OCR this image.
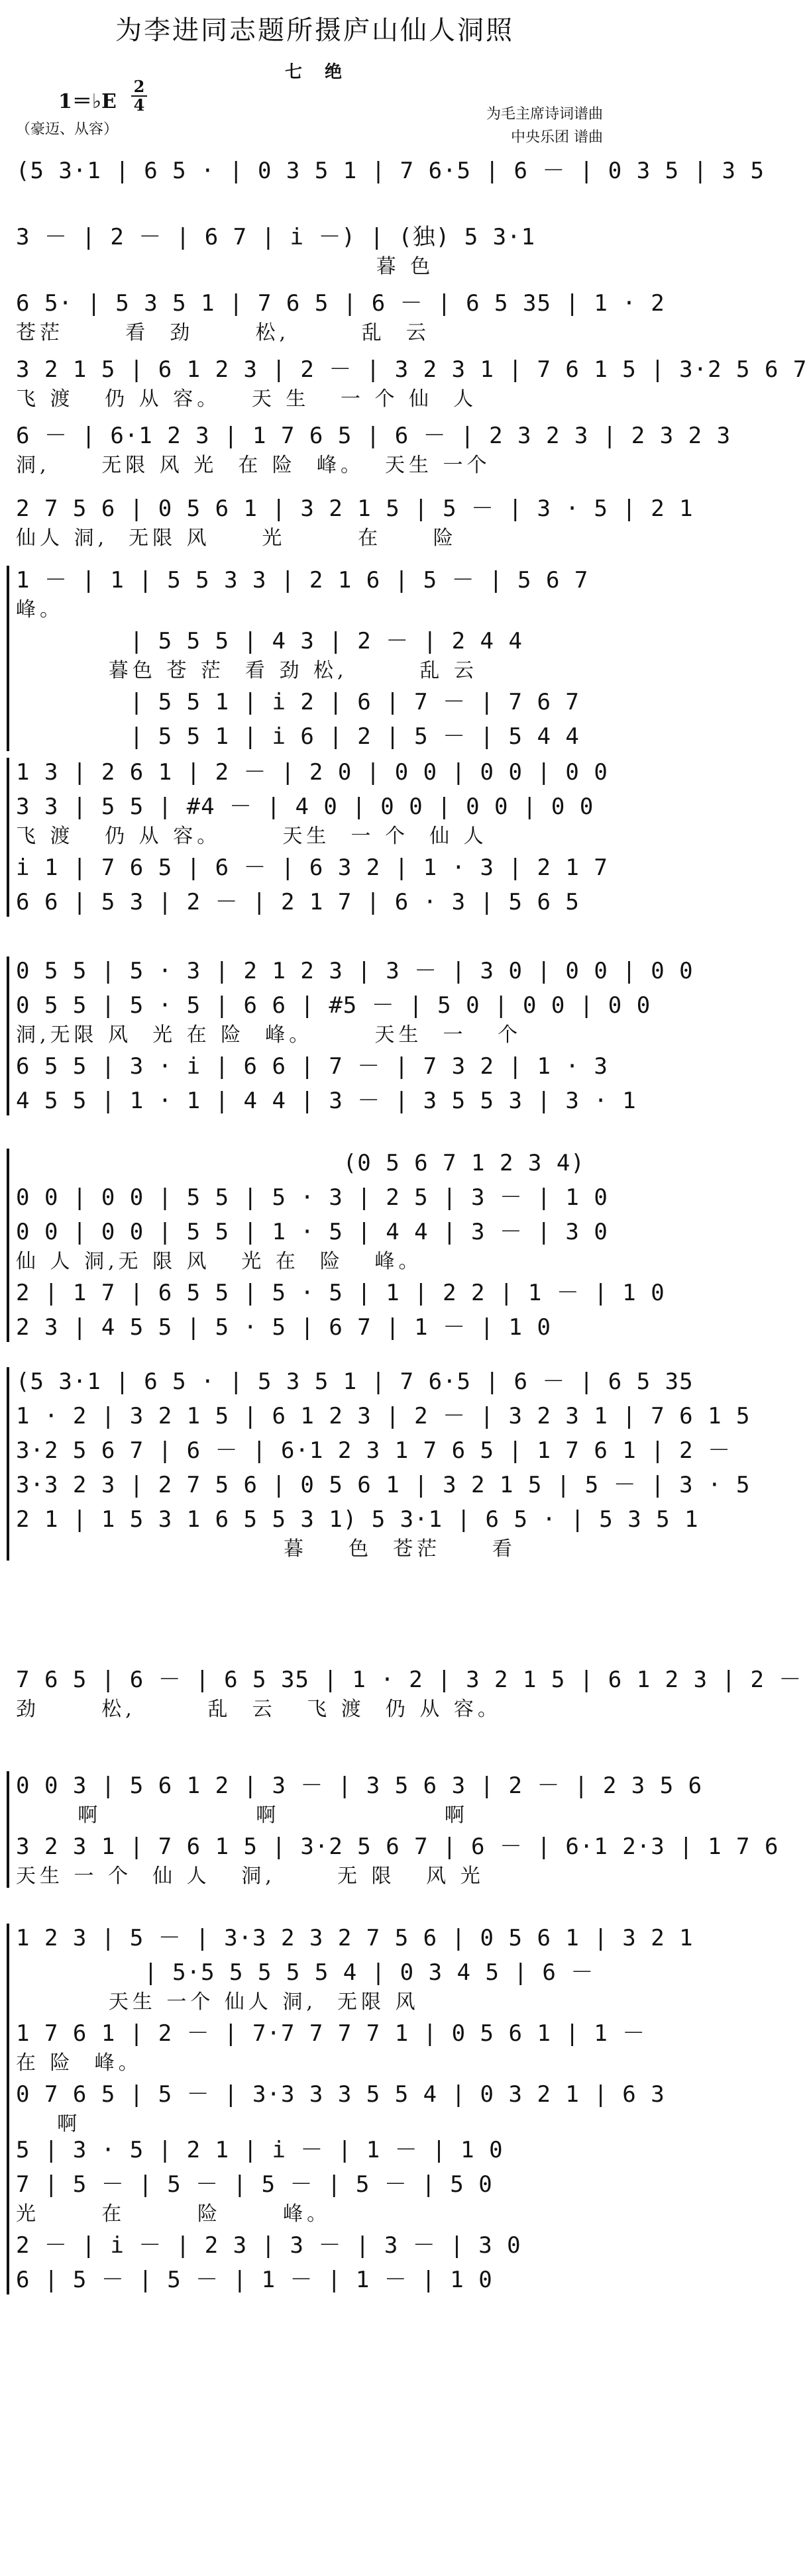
为李进同志题所摄庐山仙人洞照
七　绝
1＝♭E
2
4
（豪迈、从容）
为毛主席诗词谱曲
中央乐团 谱曲
(5 3·1 | 6 5 · | 0 3 5 1 | 7 6·5 | 6 － | 0 3 5 | 3 5
3 － | 2 － | 6 7 | i －) | (独) 5 3·1
暮 色
6 5· | 5 3 5 1 | 7 6 5 | 6 － | 6 5 35 | 1 · 2
苍茫      看  劲      松,       乱  云
3 2 1 5 | 6 1 2 3 | 2 － | 3 2 3 1 | 7 6 1 5 | 3·2 5 6 7
飞 渡   仍 从 容。   天 生   一 个 仙  人
6 － | 6·1 2 3 | 1 7 6 5 | 6 － | 2 3 2 3 | 2 3 2 3
洞,     无限 风 光  在 险  峰。  天生 一个
2 7 5 6 | 0 5 6 1 | 3 2 1 5 | 5 － | 3 · 5 | 2 1
仙人 洞,  无限 风     光       在     险
1 － | 1 | 5 5 3 3 | 2 1 6 | 5 － | 5 6 7
峰。
| 5 5 5 | 4 3 | 2 － | 2 4 4
暮色 苍 茫  看 劲 松,       乱 云
| 5 5 1 | i 2 | 6 | 7 － | 7 6 7
| 5 5 1 | i 6 | 2 | 5 － | 5 4 4
1 3 | 2 6 1 | 2 － | 2 0 | 0 0 | 0 0 | 0 0
3 3 | 5 5 | #4 － | 4 0 | 0 0 | 0 0 | 0 0
飞 渡   仍 从 容。      天生  一 个  仙 人
i 1 | 7 6 5 | 6 － | 6 3 2 | 1 · 3 | 2 1 7
6 6 | 5 3 | 2 － | 2 1 7 | 6 · 3 | 5 6 5
0 5 5 | 5 · 3 | 2 1 2 3 | 3 － | 3 0 | 0 0 | 0 0
0 5 5 | 5 · 5 | 6 6 | #5 － | 5 0 | 0 0 | 0 0
洞,无限 风  光 在 险  峰。      天生  一   个
6 5 5 | 3 · i | 6 6 | 7 － | 7 3 2 | 1 · 3
4 5 5 | 1 · 1 | 4 4 | 3 － | 3 5 5 3 | 3 · 1
(0 5 6 7 1 2 3 4)
0 0 | 0 0 | 5 5 | 5 · 3 | 2 5 | 3 － | 1 0
0 0 | 0 0 | 5 5 | 1 · 5 | 4 4 | 3 － | 3 0
仙 人 洞,无 限 风   光 在  险   峰。
2 | 1 7 | 6 5 5 | 5 · 5 | 1 | 2 2 | 1 － | 1 0
2 3 | 4 5 5 | 5 · 5 | 6 7 | 1 － | 1 0
(5 3·1 | 6 5 · | 5 3 5 1 | 7 6·5 | 6 － | 6 5 35
1 · 2 | 3 2 1 5 | 6 1 2 3 | 2 － | 3 2 3 1 | 7 6 1 5
3·2 5 6 7 | 6 － | 6·1 2 3 1 7 6 5 | 1 7 6 1 | 2 －
3·3 2 3 | 2 7 5 6 | 0 5 6 1 | 3 2 1 5 | 5 － | 3 · 5
2 1 | 1 5 3 1 6 5 5 3 1) 5 3·1 | 6 5 · | 5 3 5 1
暮    色  苍茫     看
7 6 5 | 6 － | 6 5 35 | 1 · 2 | 3 2 1 5 | 6 1 2 3 | 2 －
劲      松,       乱  云   飞 渡  仍 从 容。
0 0 3 | 5 6 1 2 | 3 － | 3 5 6 3 | 2 － | 2 3 5 6
啊               啊                啊
3 2 3 1 | 7 6 1 5 | 3·2 5 6 7 | 6 － | 6·1 2·3 | 1 7 6
天生 一 个  仙 人   洞,      无 限   风 光
1 2 3 | 5 － | 3·3 2 3 2 7 5 6 | 0 5 6 1 | 3 2 1
| 5·5 5 5 5 5 4 | 0 3 4 5 | 6 －
天生 一个 仙人 洞,  无限 风
1 7 6 1 | 2 － | 7·7 7 7 7 1 | 0 5 6 1 | 1 －
在 险  峰。
0 7 6 5 | 5 － | 3·3 3 3 5 5 4 | 0 3 2 1 | 6 3
啊
5 | 3 · 5 | 2 1 | i － | 1 － | 1 0
7 | 5 － | 5 － | 5 － | 5 － | 5 0
光      在       险      峰。
2 － | i － | 2 3 | 3 － | 3 － | 3 0
6 | 5 － | 5 － | 1 － | 1 － | 1 0
